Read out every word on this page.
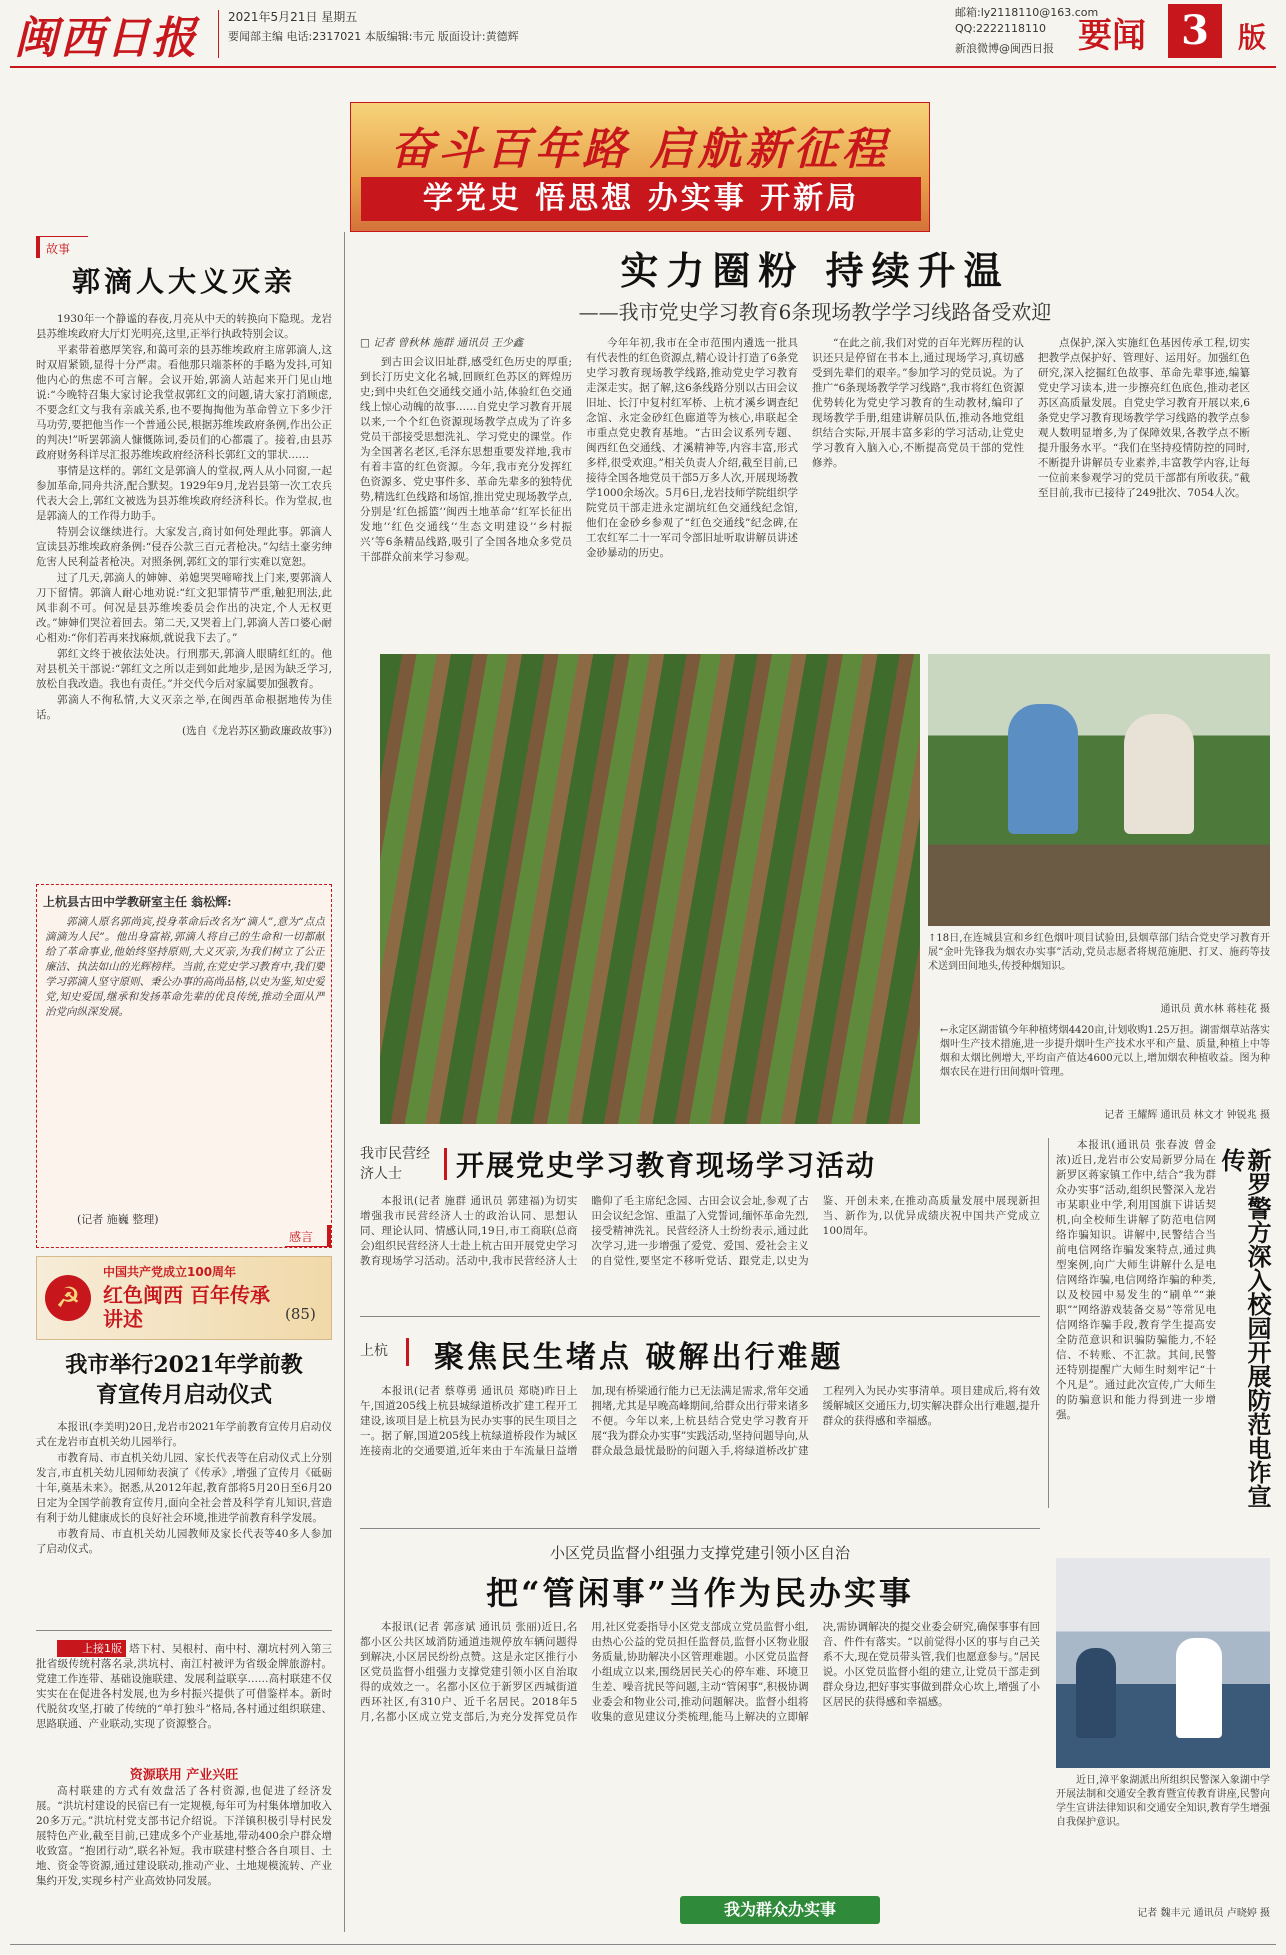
闽西日报	2021年5月21日 星期五
要闻部主编 电话:2317021 本版编辑:韦元 版面设计:黄德辉
邮箱:ly2118110@163.com
QQ:2222118110
新浪微博@闽西日报 要闻 3	版
奋斗百年路 启航新征程
学党史 悟思想 办实事 开新局
故事
郭滴人大义灭亲

1930年一个静谧的春夜,月亮从中天的转换向下隐现。龙岩县苏维埃政府大厅灯光明亮,这里,正举行执政特别会议。

平素带着憨厚笑容,和蔼可亲的县苏维埃政府主席郭滴人,这时双眉紧锁,显得十分严肃。看他那只端茶杯的手略为发抖,可知他内心的焦虑不可言解。会议开始,郭滴人站起来开门见山地说:“今晚特召集大家讨论我堂叔郭红文的问题,请大家打消顾虑,不要念红文与我有亲戚关系,也不要掏掏他为革命曾立下多少汗马功劳,要把他当作一个普通公民,根据苏维埃政府条例,作出公正的判决!”听罢郭滴人慷慨陈词,委员们的心都震了。接着,由县苏政府财务科详尽汇报苏维埃政府经济科长郭红文的罪状……

事情是这样的。郭红文是郭滴人的堂叔,两人从小同窗,一起参加革命,同舟共济,配合默契。1929年9月,龙岩县第一次工农兵代表大会上,郭红文被选为县苏维埃政府经济科长。作为堂叔,也是郭滴人的工作得力助手。

特别会议继续进行。大家发言,商讨如何处理此事。郭滴人宣读县苏维埃政府条例:“侵吞公款三百元者枪决。”勾结土豪劣绅危害人民利益者枪决。对照条例,郭红文的罪行实难以宽恕。

过了几天,郭滴人的婶婶、弟媳哭哭啼啼找上门来,要郭滴人刀下留情。郭滴人耐心地劝说:“红文犯罪情节严重,触犯刑法,此风非刹不可。何况是县苏维埃委员会作出的决定,个人无权更改。”婶婶们哭泣着回去。第二天,又哭着上门,郭滴人苦口婆心耐心相劝:“你们若再来找麻烦,就说我下去了。”

郭红文终于被依法处决。行刑那天,郭滴人眼睛红红的。他对县机关干部说:“郭红文之所以走到如此地步,是因为缺乏学习,放松自我改造。我也有责任。”并交代今后对家属要加强教育。

郭滴人不徇私情,大义灭亲之举,在闽西革命根据地传为佳话。

(选自《龙岩苏区勤政廉政故事》)

上杭县古田中学教研室主任 翁松辉:

郭滴人原名郭尚宾,投身革命后改名为“滴人”,意为“点点滴滴为人民”。他出身富裕,郭滴人将自己的生命和一切都献给了革命事业,他始终坚持原则,大义灭亲,为我们树立了公正廉洁、执法如山的光辉榜样。当前,在党史学习教育中,我们要学习郭滴人坚守原则、秉公办事的高尚品格,以史为鉴,知史爱党,知史爱国,继承和发扬革命先辈的优良传统,推动全面从严治党向纵深发展。

(记者 施巍 整理)
感言
☭
中国共产党成立100周年
红色闽西 百年传承讲述	(85)
我市举行2021年学前教育宣传月启动仪式

本报讯(李美明)20日,龙岩市2021年学前教育宣传月启动仪式在龙岩市直机关幼儿园举行。

市教育局、市直机关幼儿园、家长代表等在启动仪式上分别发言,市直机关幼儿园师幼表演了《传承》,增强了宣传月《砥砺十年,奠基未来》。据悉,从2012年起,教育部将5月20日至6月20日定为全国学前教育宣传月,面向全社会普及科学育儿知识,营造有利于幼儿健康成长的良好社会环境,推进学前教育科学发展。

市教育局、市直机关幼儿园教师及家长代表等40多人参加了启动仪式。

上接1版 塔下村、吴根村、南中村、潮坑村列入第三批省级传统村落名录,洪坑村、南江村被评为省级金牌旅游村。党建工作连带、基础设施联建、发展利益联享……高村联建不仅实实在在促进各村发展,也为乡村振兴提供了可借鉴样本。新时代脱贫攻坚,打破了传统的“单打独斗”格局,各村通过组织联建、思路联通、产业联动,实现了资源整合。

资源联用 产业兴旺

高村联建的方式有效盘活了各村资源,也促进了经济发展。“洪坑村建设的民宿已有一定规模,每年可为村集体增加收入20多万元。”洪坑村党支部书记介绍说。下洋镇积极引导村民发展特色产业,截至目前,已建成多个产业基地,带动400余户群众增收致富。“抱团行动”,联名补短。我市联建村整合各自项目、土地、资金等资源,通过建设联动,推动产业、土地规模流转、产业集约开发,实现乡村产业高效协同发展。

实力圈粉 持续升温
——我市党史学习教育6条现场教学学习线路备受欢迎
□ 记者 曾秋林 施群 通讯员 王少鑫

到古田会议旧址群,感受红色历史的厚重;到长汀历史文化名城,回顾红色苏区的辉煌历史;到中央红色交通线交通小站,体验红色交通线上惊心动魄的故事……自党史学习教育开展以来,一个个红色资源现场教学点成为了许多党员干部接受思想洗礼、学习党史的课堂。作为全国著名老区,毛泽东思想重要发祥地,我市有着丰富的红色资源。今年,我市充分发挥红色资源多、党史事件多、革命先辈多的独特优势,精选红色线路和场馆,推出党史现场教学点,分别是‘红色摇篮’‘闽西土地革命’‘红军长征出发地’‘红色交通线’‘生态文明建设’‘乡村振兴’等6条精品线路,吸引了全国各地众多党员干部群众前来学习参观。

今年年初,我市在全市范围内遴选一批具有代表性的红色资源点,精心设计打造了6条党史学习教育现场教学线路,推动党史学习教育走深走实。据了解,这6条线路分别以古田会议旧址、长汀中复村红军桥、上杭才溪乡调查纪念馆、永定金砂红色廊道等为核心,串联起全市重点党史教育基地。“古田会议系列专题、闽西红色交通线、才溪精神等,内容丰富,形式多样,很受欢迎。”相关负责人介绍,截至目前,已接待全国各地党员干部5万多人次,开展现场教学1000余场次。5月6日,龙岩技师学院组织学院党员干部走进永定湖坑红色交通线纪念馆,他们在金砂乡参观了“红色交通线”纪念碑,在工农红军二十一军司令部旧址听取讲解员讲述金砂暴动的历史。

“在此之前,我们对党的百年光辉历程的认识还只是停留在书本上,通过现场学习,真切感受到先辈们的艰辛。”参加学习的党员说。为了推广“6条现场教学学习线路”,我市将红色资源优势转化为党史学习教育的生动教材,编印了现场教学手册,组建讲解员队伍,推动各地党组织结合实际,开展丰富多彩的学习活动,让党史学习教育入脑入心,不断提高党员干部的党性修养。

点保护,深入实施红色基因传承工程,切实把教学点保护好、管理好、运用好。加强红色研究,深入挖掘红色故事、革命先辈事迹,编纂党史学习读本,进一步擦亮红色底色,推动老区苏区高质量发展。自党史学习教育开展以来,6条党史学习教育现场教学学习线路的教学点参观人数明显增多,为了保障效果,各教学点不断提升服务水平。“我们在坚持疫情防控的同时,不断提升讲解员专业素养,丰富教学内容,让每一位前来参观学习的党员干部都有所收获。”截至目前,我市已接待了249批次、7054人次。

↑18日,在连城县宣和乡红色烟叶项目试验田,县烟草部门结合党史学习教育开展“金叶先锋我为烟农办实事”活动,党员志愿者将规范施肥、打叉、施药等技术送到田间地头,传授种烟知识。

通讯员 黄水林 蒋桂花 摄

←永定区湖雷镇今年种植烤烟4420亩,计划收购1.25万担。湖雷烟草站落实烟叶生产技术措施,进一步提升烟叶生产技术水平和产量、质量,种植上中等烟和太烟比例增大,平均亩产值达4600元以上,增加烟农种植收益。图为种烟农民在进行田间烟叶管理。

记者 王耀辉 通讯员 林文才 钟锐兆 摄
我市民营经济人士	开展党史学习教育现场学习活动

本报讯(记者 施群 通讯员 郭建福)为切实增强我市民营经济人士的政治认同、思想认同、理论认同、情感认同,19日,市工商联(总商会)组织民营经济人士赴上杭古田开展党史学习教育现场学习活动。活动中,我市民营经济人士瞻仰了毛主席纪念园、古田会议会址,参观了古田会议纪念馆、重温了入党誓词,缅怀革命先烈,接受精神洗礼。民营经济人士纷纷表示,通过此次学习,进一步增强了爱党、爱国、爱社会主义的自觉性,要坚定不移听党话、跟党走,以史为鉴、开创未来,在推动高质量发展中展现新担当、新作为,以优异成绩庆祝中国共产党成立100周年。

本报讯(通讯员 张春波 曾金浓)近日,龙岩市公安局新罗分局在新罗区蒋家镇工作中,结合“我为群众办实事”活动,组织民警深入龙岩市某职业中学,利用国旗下讲话契机,向全校师生讲解了防范电信网络诈骗知识。讲解中,民警结合当前电信网络诈骗发案特点,通过典型案例,向广大师生讲解什么是电信网络诈骗,电信网络诈骗的种类,以及校园中易发生的“刷单”“兼职”“网络游戏装备交易”等常见电信网络诈骗手段,教育学生提高安全防范意识和识骗防骗能力,不轻信、不转账、不汇款。其间,民警还特别提醒广大师生时刻牢记“十个凡是”。通过此次宣传,广大师生的防骗意识和能力得到进一步增强。	新罗警方深入校园开展防范电诈宣传

近日,漳平象湖派出所组织民警深入象湖中学开展法制和交通安全教育暨宣传教育讲座,民警向学生宣讲法律知识和交通安全知识,教育学生增强自我保护意识。

记者 魏丰元 通讯员 卢晓婷 摄
上杭 聚焦民生堵点 破解出行难题

本报讯(记者 蔡尊勇 通讯员 郑晓)昨日上午,国道205线上杭县城绿道桥改扩建工程开工建设,该项目是上杭县为民办实事的民生项目之一。据了解,国道205线上杭绿道桥段作为城区连接南北的交通要道,近年来由于车流量日益增加,现有桥梁通行能力已无法满足需求,常年交通拥堵,尤其是早晚高峰期间,给群众出行带来诸多不便。今年以来,上杭县结合党史学习教育开展“我为群众办实事”实践活动,坚持问题导向,从群众最急最忧最盼的问题入手,将绿道桥改扩建工程列入为民办实事清单。项目建成后,将有效缓解城区交通压力,切实解决群众出行难题,提升群众的获得感和幸福感。

小区党员监督小组强力支撑党建引领小区自治
把“管闲事”当作为民办实事

本报讯(记者 郭彦斌 通讯员 张丽)近日,名都小区公共区域消防通道违规停放车辆问题得到解决,小区居民纷纷点赞。这是永定区推行小区党员监督小组强力支撑党建引领小区自治取得的成效之一。名都小区位于新罗区西城街道西环社区,有310户、近千名居民。2018年5月,名都小区成立党支部后,为充分发挥党员作用,社区党委指导小区党支部成立党员监督小组,由热心公益的党员担任监督员,监督小区物业服务质量,协助解决小区管理难题。小区党员监督小组成立以来,围绕居民关心的停车难、环境卫生差、噪音扰民等问题,主动“管闲事”,积极协调业委会和物业公司,推动问题解决。监督小组将收集的意见建议分类梳理,能马上解决的立即解决,需协调解决的提交业委会研究,确保事事有回音、件件有落实。“以前觉得小区的事与自己关系不大,现在党员带头管,我们也愿意参与。”居民说。小区党员监督小组的建立,让党员干部走到群众身边,把好事实事做到群众心坎上,增强了小区居民的获得感和幸福感。

我为群众办实事
